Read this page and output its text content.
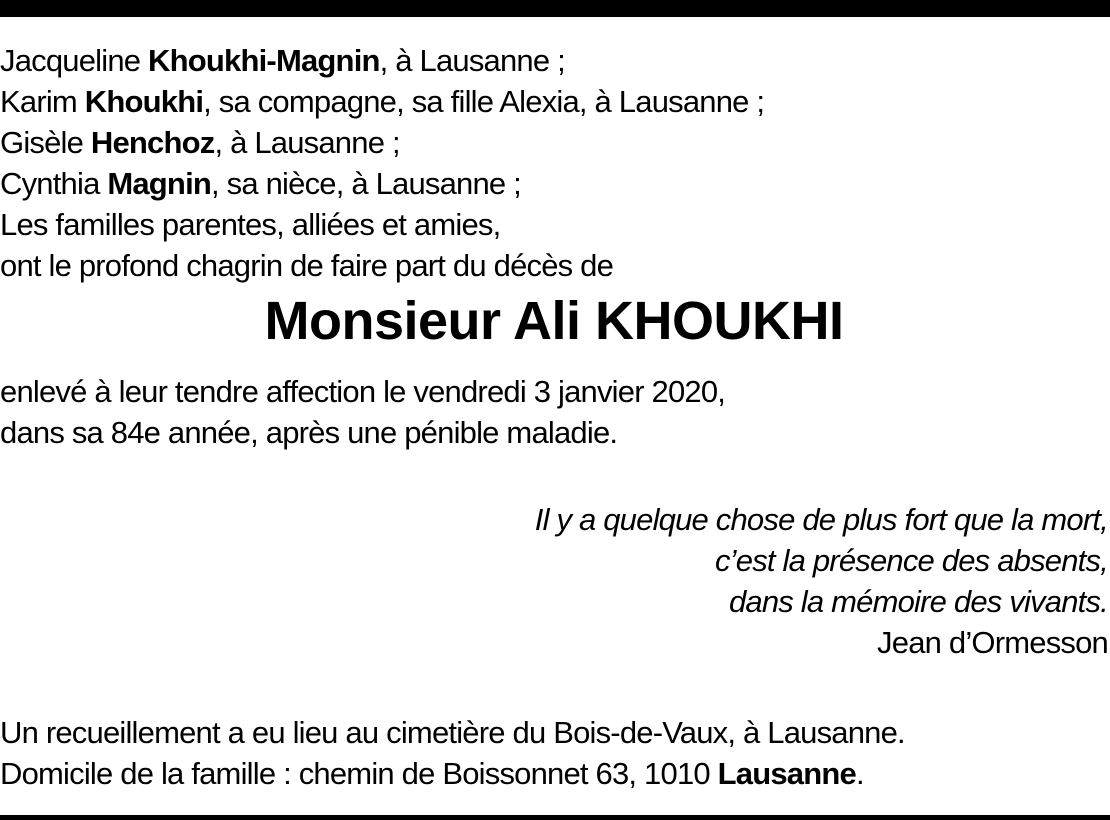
Jacqueline Khoukhi-Magnin, à Lausanne ;
Karim Khoukhi, sa compagne, sa fille Alexia, à Lausanne ;
Gisèle Henchoz, à Lausanne ;
Cynthia Magnin, sa nièce, à Lausanne ;
Les familles parentes, alliées et amies,
ont le profond chagrin de faire part du décès de
Monsieur Ali KHOUKHI
enlevé à leur tendre affection le vendredi 3 janvier 2020,
dans sa 84e année, après une pénible maladie.
Il y a quelque chose de plus fort que la mort,
c’est la présence des absents,
dans la mémoire des vivants.
Jean d’Ormesson
Un recueillement a eu lieu au cimetière du Bois-de-Vaux, à Lausanne.
Domicile de la famille : chemin de Boissonnet 63, 1010 Lausanne.
